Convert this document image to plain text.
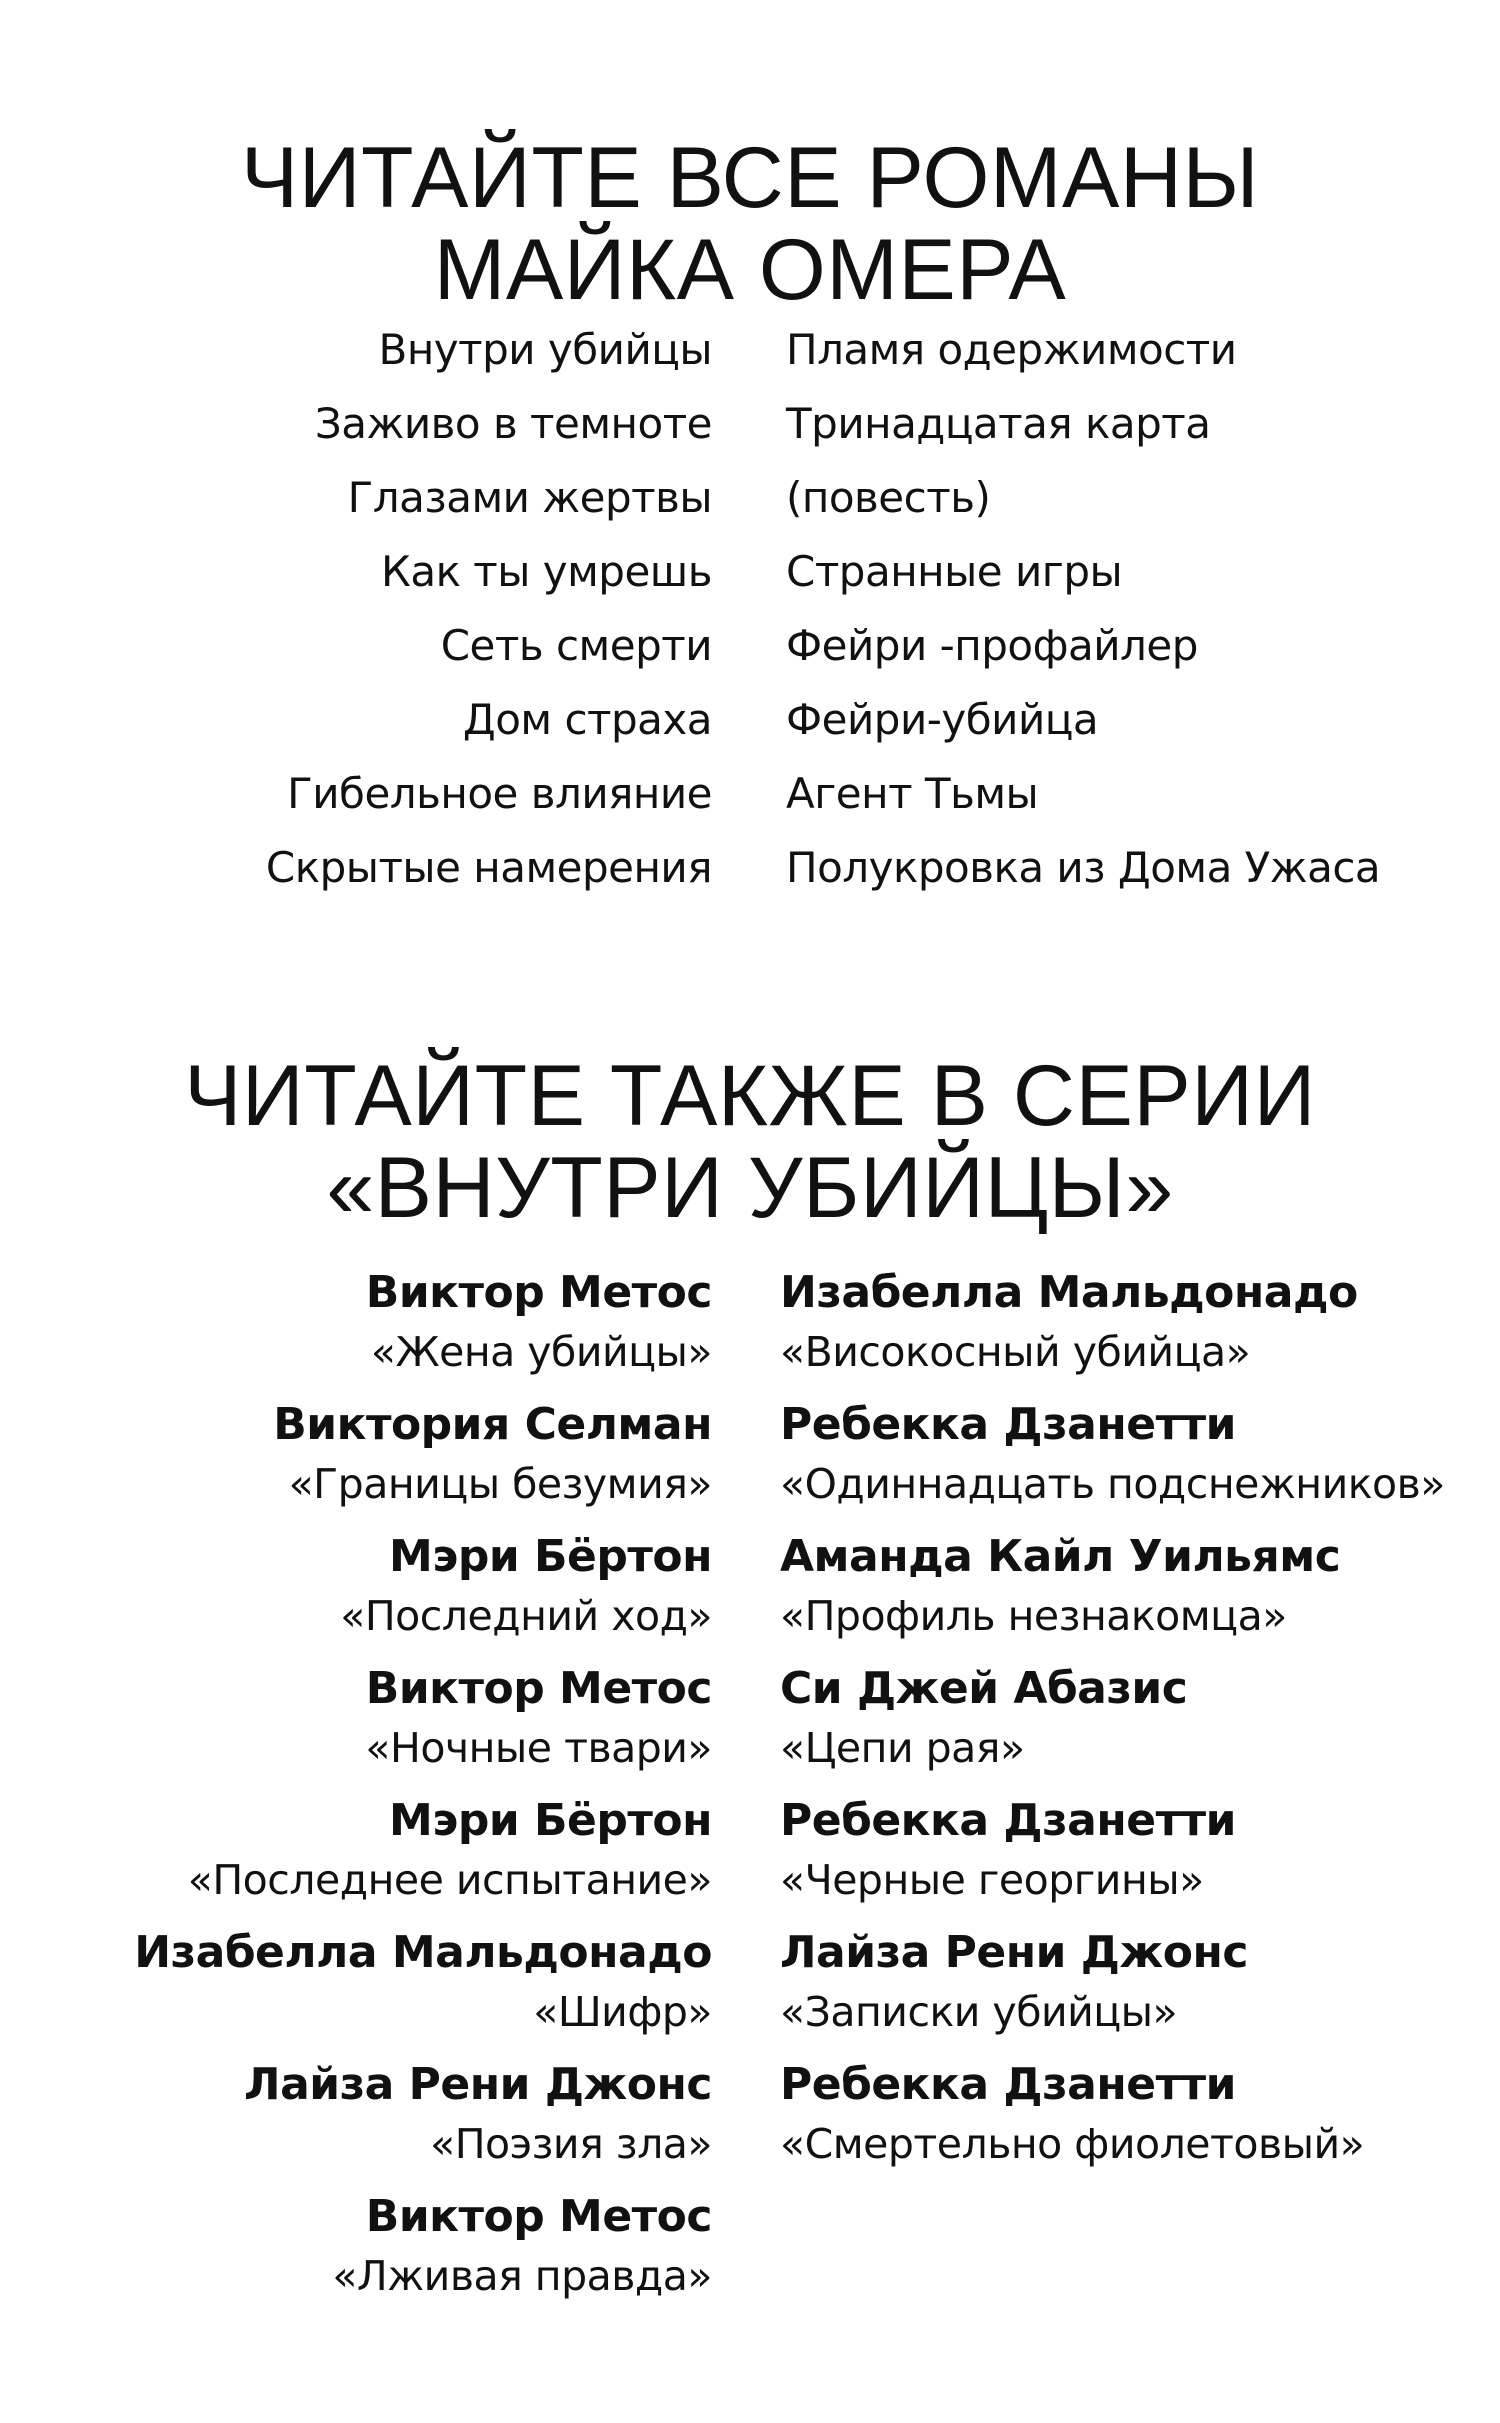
ЧИТАЙТЕ ВСЕ РОМАНЫ
МАЙКА ОМЕРА
Внутри убийцы
Заживо в темноте
Глазами жертвы
Как ты умрешь
Сеть смерти
Дом страха
Гибельное влияние
Скрытые намерения
Пламя одержимости
Тринадцатая карта
(повесть)
Странные игры
Фейри -профайлер
Фейри-убийца
Агент Тьмы
Полукровка из Дома Ужаса
ЧИТАЙТЕ ТАКЖЕ В СЕРИИ
«ВНУТРИ УБИЙЦЫ»
Виктор Метос
«Жена убийцы»
Виктория Селман
«Границы безумия»
Мэри Бёртон
«Последний ход»
Виктор Метос
«Ночные твари»
Мэри Бёртон
«Последнее испытание»
Изабелла Мальдонадо
«Шифр»
Лайза Рени Джонс
«Поэзия зла»
Виктор Метос
«Лживая правда»
Изабелла Мальдонадо
«Високосный убийца»
Ребекка Дзанетти
«Одиннадцать подснежников»
Аманда Кайл Уильямс
«Профиль незнакомца»
Си Джей Абазис
«Цепи рая»
Ребекка Дзанетти
«Черные георгины»
Лайза Рени Джонс
«Записки убийцы»
Ребекка Дзанетти
«Смертельно фиолетовый»
